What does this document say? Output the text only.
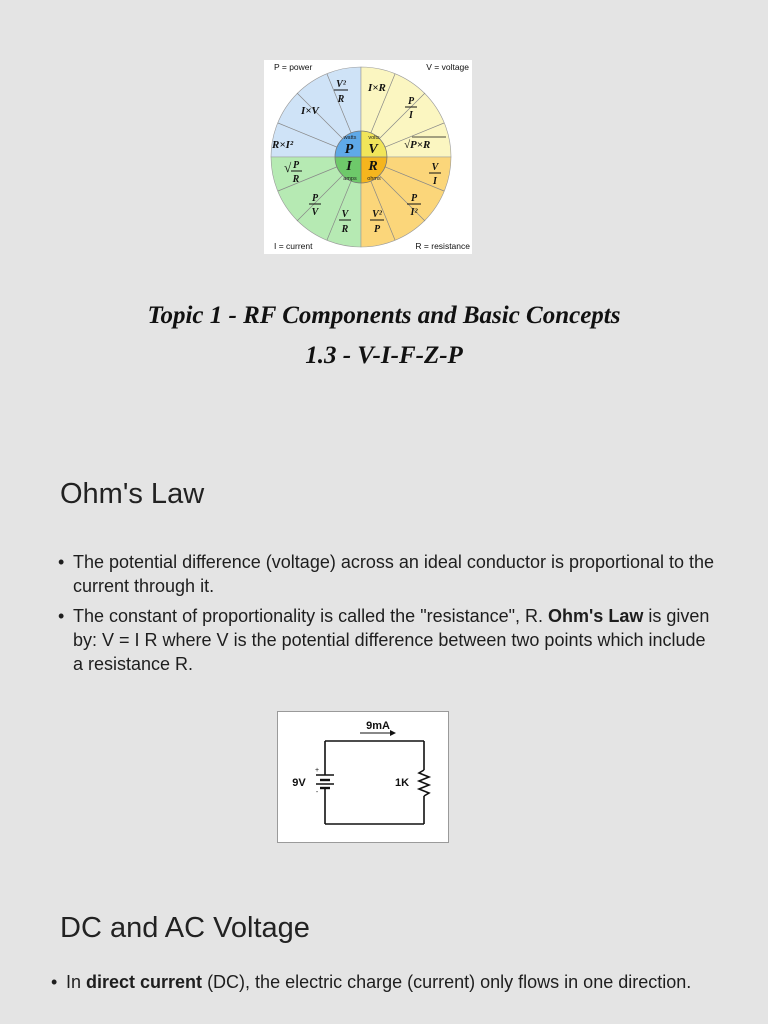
P V
I R
I×V
R×I²
V²
R
I×R
P
I
√P×R
V
I
√ P
R
P
V V
R
V²
P
P
I²
watts volts
amps ohms
P = power	V = voltage
I = current	R = resistance
Topic 1 - RF Components and Basic Concepts
1.3 - V-I-F-Z-P
Ohm's Law
• The potential difference (voltage) across an ideal conductor is proportional to the current through it.
• The constant of proportionality is called the "resistance", R. Ohm's Law is given by: V = I R where V is the potential difference between two points which include a resistance R.
9mA
9V	1K
+
-
DC and AC Voltage
• In direct current (DC), the electric charge (current) only flows in one direction.
